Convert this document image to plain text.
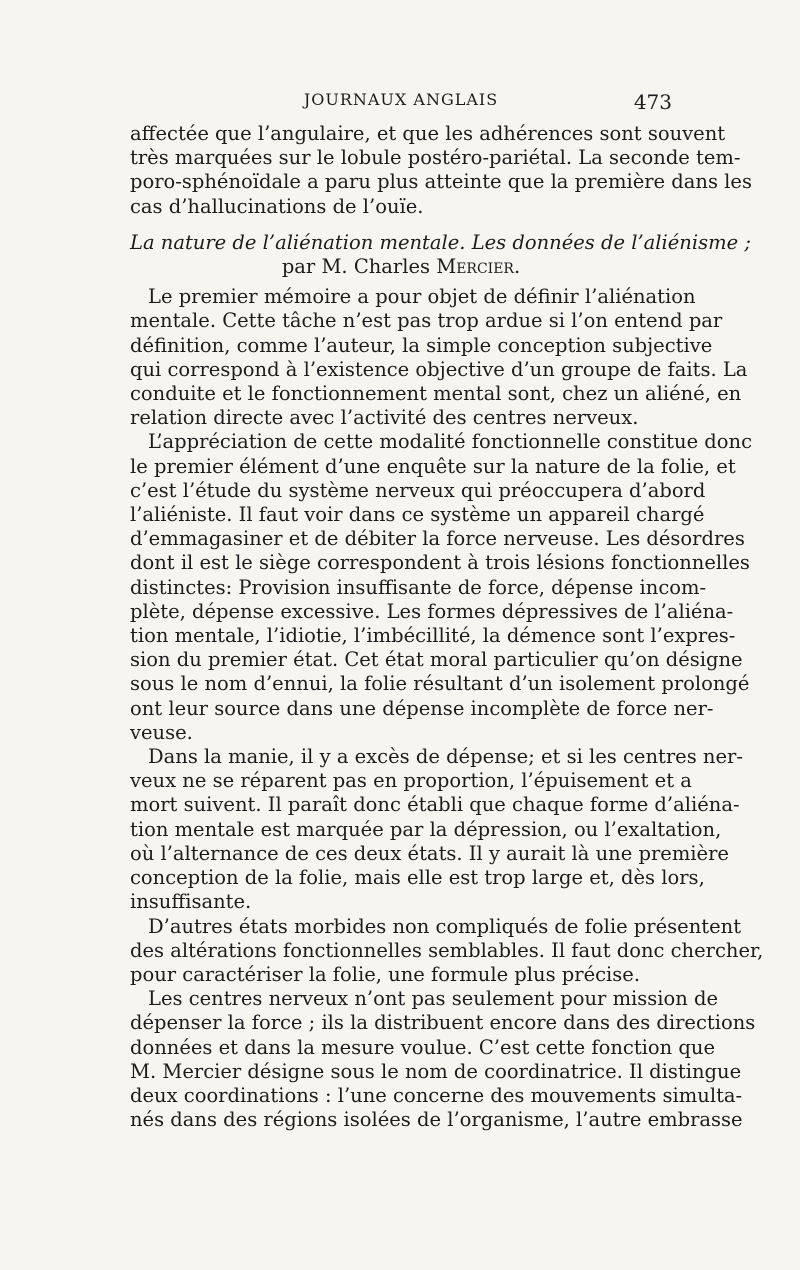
JOURNAUX ANGLAIS	473
affectée que l’angulaire, et que les adhérences sont souvent
très marquées sur le lobule postéro-pariétal. La seconde tem-
poro-sphénoïdale a paru plus atteinte que la première dans les
cas d’hallucinations de l’ouïe.
La nature de l’aliénation mentale. Les données de l’aliénisme ;
par M. Charles Mercier.
Le premier mémoire a pour objet de définir l’aliénation
mentale. Cette tâche n’est pas trop ardue si l’on entend par
définition, comme l’auteur, la simple conception subjective
qui correspond à l’existence objective d’un groupe de faits. La
conduite et le fonctionnement mental sont, chez un aliéné, en
relation directe avec l’activité des centres nerveux.
L’appréciation de cette modalité fonctionnelle constitue donc
le premier élément d’une enquête sur la nature de la folie, et
c’est l’étude du système nerveux qui préoccupera d’abord
l’aliéniste. Il faut voir dans ce système un appareil chargé
d’emmagasiner et de débiter la force nerveuse. Les désordres
dont il est le siège correspondent à trois lésions fonctionnelles
distinctes: Provision insuffisante de force, dépense incom-
plète, dépense excessive. Les formes dépressives de l’aliéna-
tion mentale, l’idiotie, l’imbécillité, la démence sont l’expres-
sion du premier état. Cet état moral particulier qu’on désigne
sous le nom d’ennui, la folie résultant d’un isolement prolongé
ont leur source dans une dépense incomplète de force ner-
veuse.
Dans la manie, il y a excès de dépense; et si les centres ner-
veux ne se réparent pas en proportion, l’épuisement et a
mort suivent. Il paraît donc établi que chaque forme d’aliéna-
tion mentale est marquée par la dépression, ou l’exaltation,
où l’alternance de ces deux états. Il y aurait là une première
conception de la folie, mais elle est trop large et, dès lors,
insuffisante.
D’autres états morbides non compliqués de folie présentent
des altérations fonctionnelles semblables. Il faut donc chercher,
pour caractériser la folie, une formule plus précise.
Les centres nerveux n’ont pas seulement pour mission de
dépenser la force ; ils la distribuent encore dans des directions
données et dans la mesure voulue. C’est cette fonction que
M. Mercier désigne sous le nom de coordinatrice. Il distingue
deux coordinations : l’une concerne des mouvements simulta-
nés dans des régions isolées de l’organisme, l’autre embrasse
